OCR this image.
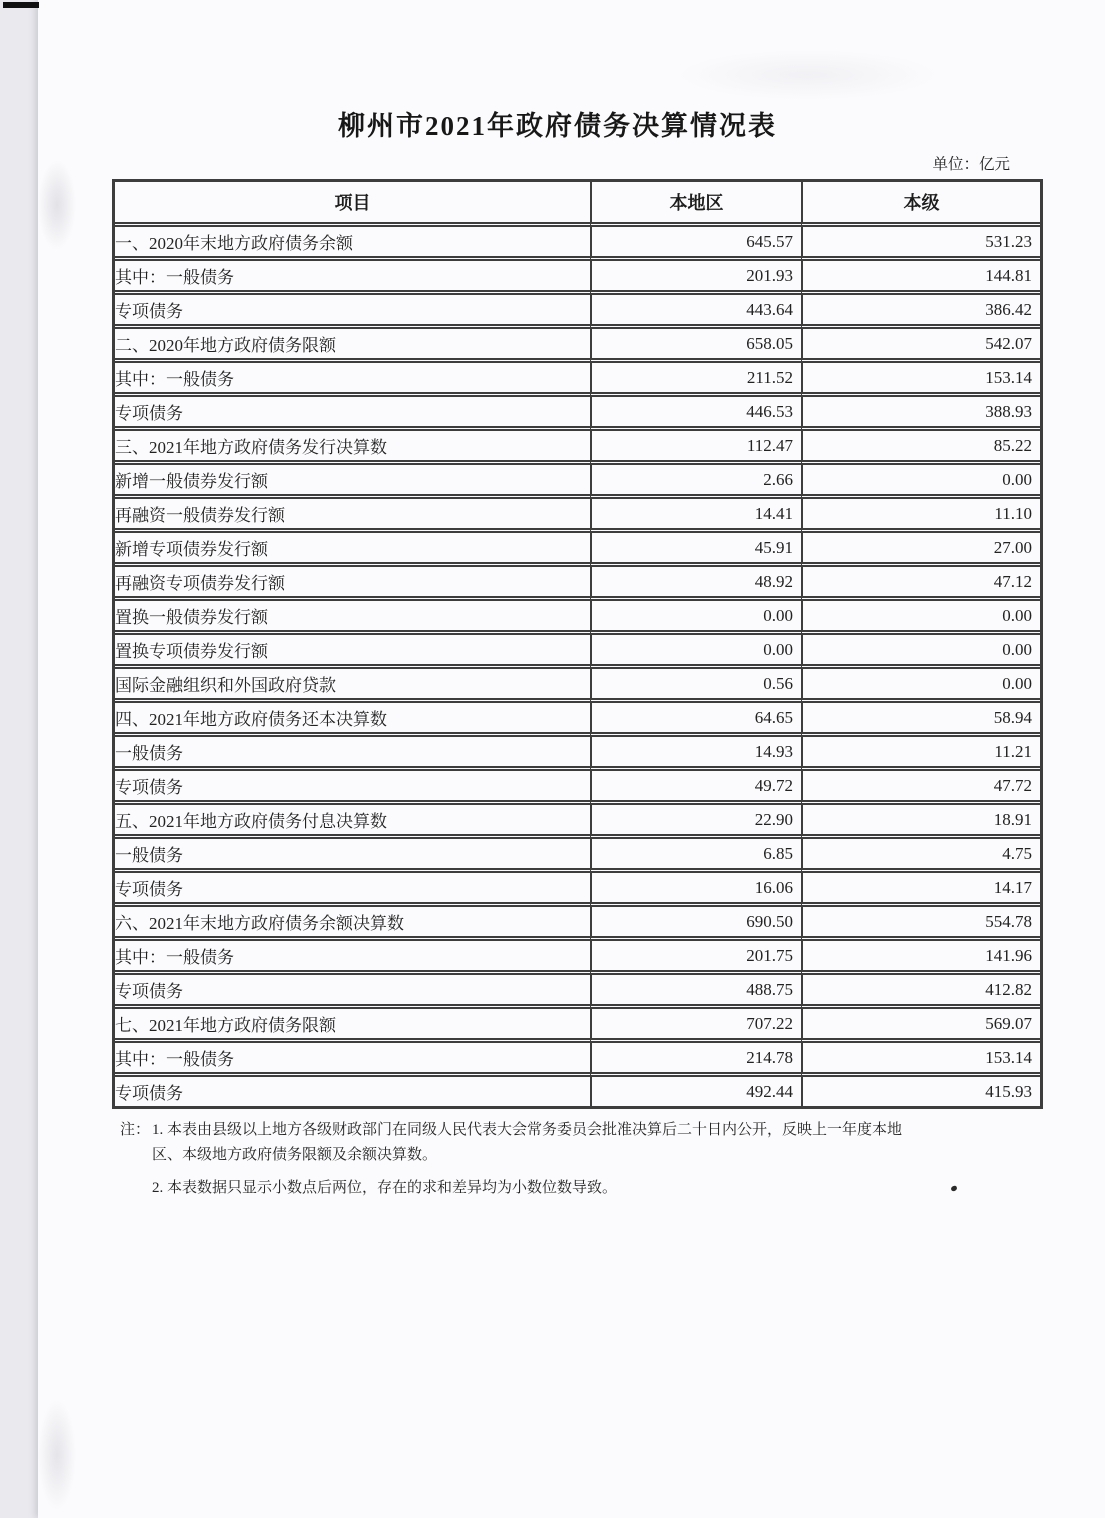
柳州市2021年政府债务决算情况表
单位：亿元
项目	本地区	本级
一、2020年末地方政府债务余额	645.57	531.23
其中：一般债务	201.93	144.81
专项债务	443.64	386.42
二、2020年地方政府债务限额	658.05	542.07
其中：一般债务	211.52	153.14
专项债务	446.53	388.93
三、2021年地方政府债务发行决算数	112.47	85.22
新增一般债券发行额	2.66	0.00
再融资一般债券发行额	14.41	11.10
新增专项债券发行额	45.91	27.00
再融资专项债券发行额	48.92	47.12
置换一般债券发行额	0.00	0.00
置换专项债券发行额	0.00	0.00
国际金融组织和外国政府贷款	0.56	0.00
四、2021年地方政府债务还本决算数	64.65	58.94
一般债务	14.93	11.21
专项债务	49.72	47.72
五、2021年地方政府债务付息决算数	22.90	18.91
一般债务	6.85	4.75
专项债务	16.06	14.17
六、2021年末地方政府债务余额决算数	690.50	554.78
其中：一般债务	201.75	141.96
专项债务	488.75	412.82
七、2021年地方政府债务限额	707.22	569.07
其中：一般债务	214.78	153.14
专项债务	492.44	415.93
注： 1. 本表由县级以上地方各级财政部门在同级人民代表大会常务委员会批准决算后二十日内公开，反映上一年度本地
区、本级地方政府债务限额及余额决算数。
2. 本表数据只显示小数点后两位，存在的求和差异均为小数位数导致。
